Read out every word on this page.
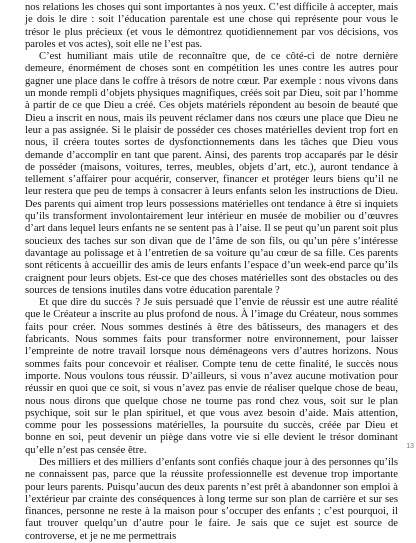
nos relations les choses qui sont importantes à nos yeux. C’est difficile à accepter, mais je dois le dire : soit l’éducation parentale est une chose qui représente pour vous le trésor le plus précieux (et vous le démontrez quotidiennement par vos décisions, vos paroles et vos actes), soit elle ne l’est pas.

C’est humiliant mais utile de reconnaître que, de ce côté-ci de notre dernière demeure, énormément de choses sont en compétition les unes contre les autres pour gagner une place dans le coffre à trésors de notre cœur. Par exemple : nous vivons dans un monde rempli d’objets physiques magnifiques, créés soit par Dieu, soit par l’homme à partir de ce que Dieu a créé. Ces objets matériels répondent au besoin de beauté que Dieu a inscrit en nous, mais ils peuvent réclamer dans nos cœurs une place que Dieu ne leur a pas assignée. Si le plaisir de posséder ces choses matérielles devient trop fort en nous, il créera toutes sortes de dysfonctionnements dans les tâches que Dieu vous demande d’accomplir en tant que parent. Ainsi, des parents trop accaparés par le désir de posséder (maisons, voitures, terres, meubles, objets d’art, etc.), auront tendance à tellement s’affairer pour acquérir, conserver, financer et protéger leurs biens qu’il ne leur restera que peu de temps à consacrer à leurs enfants selon les instructions de Dieu. Des parents qui aiment trop leurs possessions matérielles ont tendance à être si inquiets qu’ils transforment involontairement leur intérieur en musée de mobilier ou d’œuvres d’art dans lequel leurs enfants ne se sentent pas à l’aise. Il se peut qu’un parent soit plus soucieux des taches sur son divan que de l’âme de son fils, ou qu’un père s’intéresse davantage au polissage et à l’entretien de sa voiture qu’au cœur de sa fille. Ces parents sont réticents à accueillir des amis de leurs enfants l’espace d’un week-end parce qu’ils craignent pour leurs objets. Est-ce que des choses matérielles sont des obstacles ou des sources de tensions inutiles dans votre éducation parentale ?

Et que dire du succès ? Je suis persuadé que l’envie de réussir est une autre réalité que le Créateur a inscrite au plus profond de nous. À l’image du Créateur, nous sommes faits pour créer. Nous sommes destinés à être des bâtisseurs, des managers et des fabricants. Nous sommes faits pour transformer notre environnement, pour laisser l’empreinte de notre travail lorsque nous déménageons vers d’autres horizons. Nous sommes faits pour concevoir et réaliser. Compte tenu de cette finalité, le succès nous importe. Nous voulons tous réussir. D’ailleurs, si vous n’avez aucune motivation pour réussir en quoi que ce soit, si vous n’avez pas envie de réaliser quelque chose de beau, nous nous dirons que quelque chose ne tourne pas rond chez vous, soit sur le plan psychique, soit sur le plan spirituel, et que vous avez besoin d’aide. Mais attention, comme pour les possessions matérielles, la poursuite du succès, créée par Dieu et bonne en soi, peut devenir un piège dans votre vie si elle devient le trésor dominant qu’elle n’est pas censée être.

Des milliers et des milliers d’enfants sont confiés chaque jour à des personnes qu’ils ne connaissent pas, parce que la réussite professionnelle est devenue trop importante pour leurs parents. Puisqu’aucun des deux parents n’est prêt à abandonner son emploi à l’extérieur par crainte des conséquences à long terme sur son plan de carrière et sur ses finances, personne ne reste à la maison pour s’occuper des enfants ; c’est pourquoi, il faut trouver quelqu’un d’autre pour le faire. Je sais que ce sujet est source de controverse, et je ne me permettrais

13
